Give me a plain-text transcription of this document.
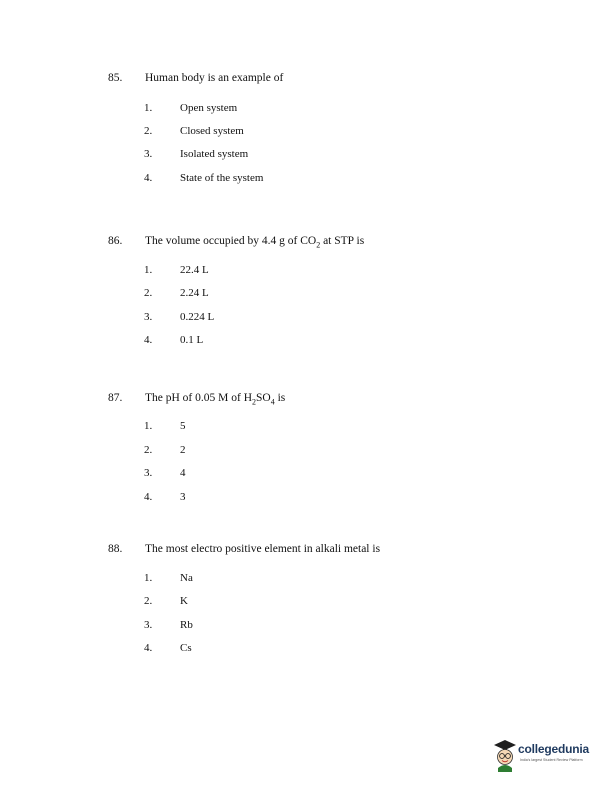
85. Human body is an example of
1.	Open system
2.	Closed system
3.	Isolated system
4.	State of the system
86. The volume occupied by 4.4 g of $CO_2$ at STP is
1.	22.4 L
2.	2.24 L
3.	0.224 L
4.	0.1 L
87. The pH of 0.05 M of $H_2SO_4$ is
1.	5
2.	2
3.	4
4.	3
88. The most electro positive element in alkali metal is
1.	Na
2.	K
3.	Rb
4.	Cs
collegedunia
India's largest Student Review Platform
